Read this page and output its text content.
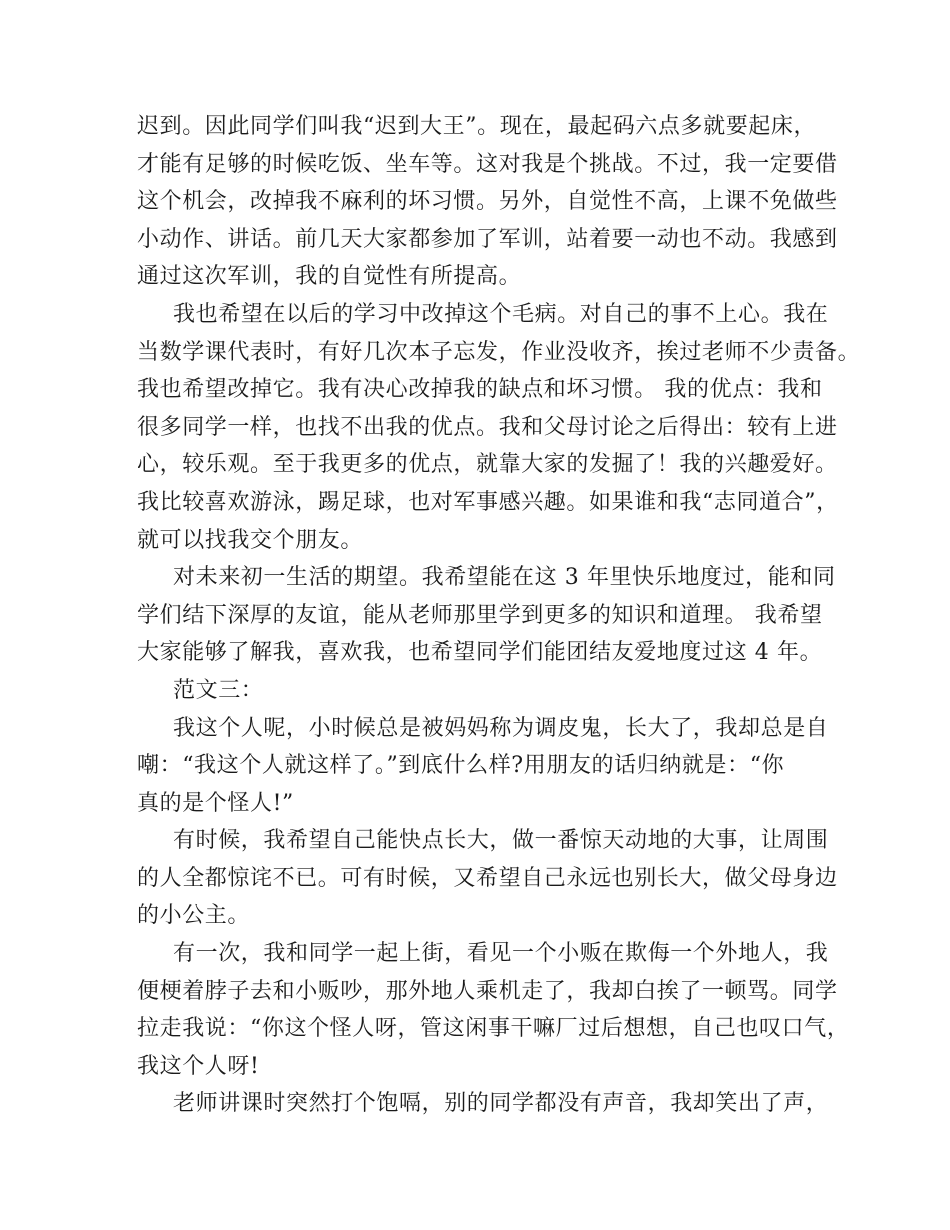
迟到。因此同学们叫我“迟到大王”。现在，最起码六点多就要起床，
才能有足够的时候吃饭、坐车等。这对我是个挑战。不过，我一定要借
这个机会，改掉我不麻利的坏习惯。另外，自觉性不高，上课不免做些
小动作、讲话。前几天大家都参加了军训，站着要一动也不动。我感到
通过这次军训，我的自觉性有所提高。
我也希望在以后的学习中改掉这个毛病。对自己的事不上心。我在
当数学课代表时，有好几次本子忘发，作业没收齐，挨过老师不少责备。
我也希望改掉它。我有决心改掉我的缺点和坏习惯。 我的优点：我和
很多同学一样，也找不出我的优点。我和父母讨论之后得出：较有上进
心，较乐观。至于我更多的优点，就靠大家的发掘了！我的兴趣爱好。
我比较喜欢游泳，踢足球，也对军事感兴趣。如果谁和我“志同道合”，
就可以找我交个朋友。
对未来初一生活的期望。我希望能在这 3 年里快乐地度过，能和同
学们结下深厚的友谊，能从老师那里学到更多的知识和道理。 我希望
大家能够了解我，喜欢我，也希望同学们能团结友爱地度过这 4 年。
范文三：
我这个人呢，小时候总是被妈妈称为调皮鬼，长大了，我却总是自
嘲：“我这个人就这样了。”到底什么样?用朋友的话归纳就是：“你
真的是个怪人!”
有时候，我希望自己能快点长大，做一番惊天动地的大事，让周围
的人全都惊诧不已。可有时候，又希望自己永远也别长大，做父母身边
的小公主。
有一次，我和同学一起上街，看见一个小贩在欺侮一个外地人，我
便梗着脖子去和小贩吵，那外地人乘机走了，我却白挨了一顿骂。同学
拉走我说：“你这个怪人呀，管这闲事干嘛厂过后想想，自己也叹口气，
我这个人呀!
老师讲课时突然打个饱嗝，别的同学都没有声音，我却笑出了声，
